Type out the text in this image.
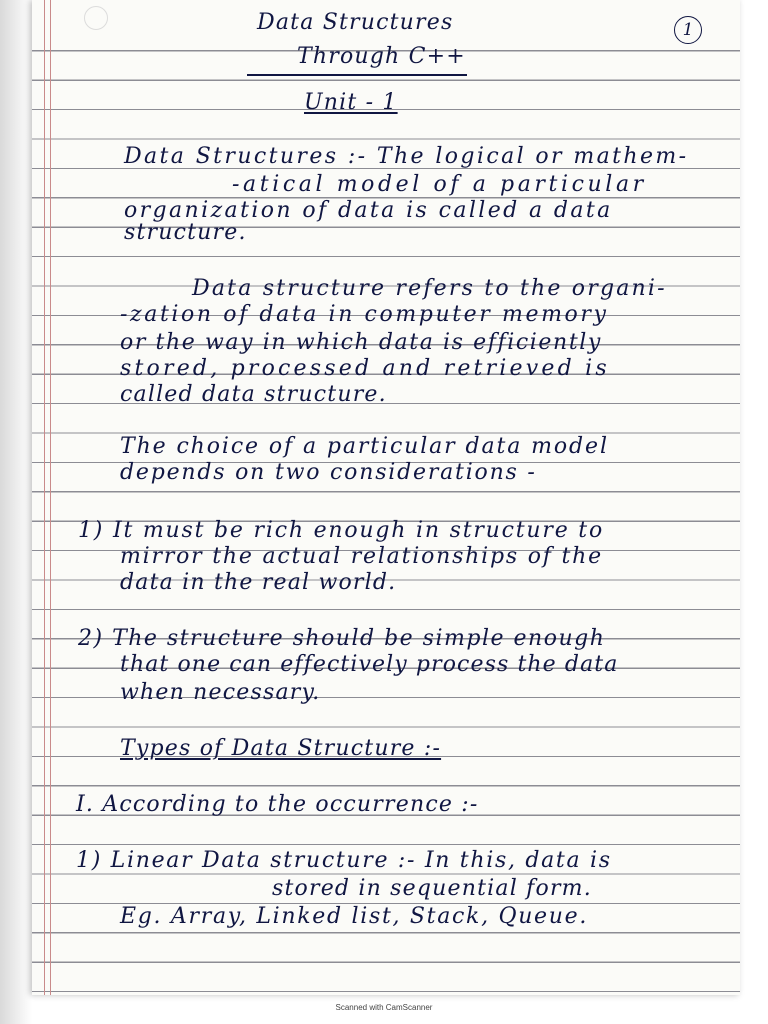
1
Data Structures
Through C++
Unit - 1
Data Structures :- The logical or mathem-
-atical model of a particular
organization of data is called a data
structure.
Data structure refers to the organi-
-zation of data in computer memory
or the way in which data is efficiently
stored, processed and retrieved is
called data structure.
The choice of a particular data model
depends on two considerations -
1) It must be rich enough in structure to
mirror the actual relationships of the
data in the real world.
2) The structure should be simple enough
that one can effectively process the data
when necessary.
Types of Data Structure :-
I. According to the occurrence :-
1) Linear Data structure :- In this, data is
stored in sequential form.
Eg. Array, Linked list, Stack, Queue.
Scanned with CamScanner
